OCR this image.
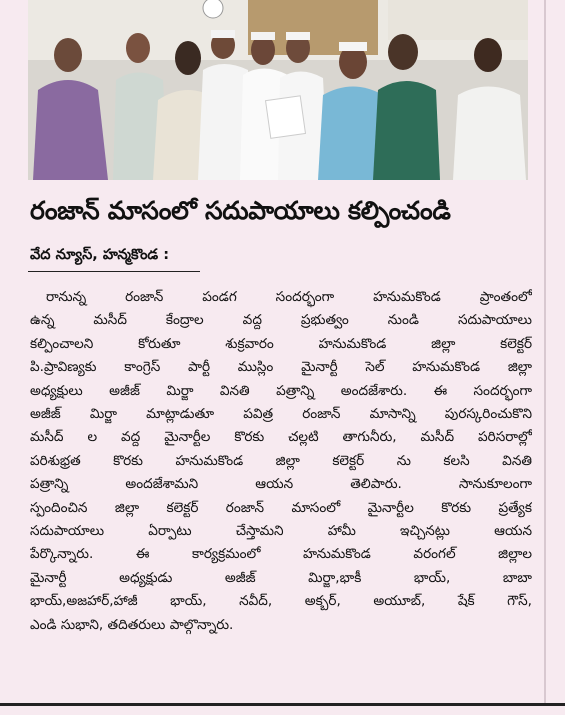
రంజాన్ మాసంలో సదుపాయాలు కల్పించండి
వేద న్యూస్, హన్మకొండ :
రానున్న రంజాన్ పండగ సందర్భంగా హనుమకొండ ప్రాంతంలో
ఉన్న మసీద్ కేంద్రాల వద్ద ప్రభుత్వం నుండి సదుపాయాలు
కల్పించాలని కోరుతూ శుక్రవారం హనుమకొండ జిల్లా కలెక్టర్
పి.ప్రావిణ్యకు కాంగ్రెస్ పార్టీ ముస్లిం మైనార్టీ సెల్ హనుమకొండ జిల్లా
అధ్యక్షులు అజీజ్ మిర్జా వినతి పత్రాన్ని అందజేశారు. ఈ సందర్భంగా
అజీజ్ మిర్జా మాట్లాడుతూ పవిత్ర రంజాన్ మాసాన్ని పురస్కరించుకొని
మసీద్ ల వద్ద మైనార్టీల కొరకు చల్లటి తాగునీరు, మసీద్ పరిసరాల్లో
పరిశుభ్రత కొరకు హనుమకొండ జిల్లా కలెక్టర్ ను కలసి వినతి
పత్రాన్ని అందజేశామని ఆయన తెలిపారు. సానుకూలంగా
స్పందించిన జిల్లా కలెక్టర్ రంజాన్ మాసంలో మైనార్టీల కొరకు ప్రత్యేక
సదుపాయాలు ఏర్పాటు చేస్తామని హామీ ఇచ్చినట్లు ఆయన
పేర్కొన్నారు. ఈ కార్యక్రమంలో హనుమకొండ వరంగల్ జిల్లాల
మైనార్టీ అధ్యక్షుడు అజీజ్ మిర్జా,భాకీ భాయ్, బాబా
భాయ్,అజహార్,హాజీ భాయ్, నవీద్, అక్బర్, అయూబ్, షేక్ గౌస్,
ఎండి సుభాని, తదితరులు పాల్గొన్నారు.
